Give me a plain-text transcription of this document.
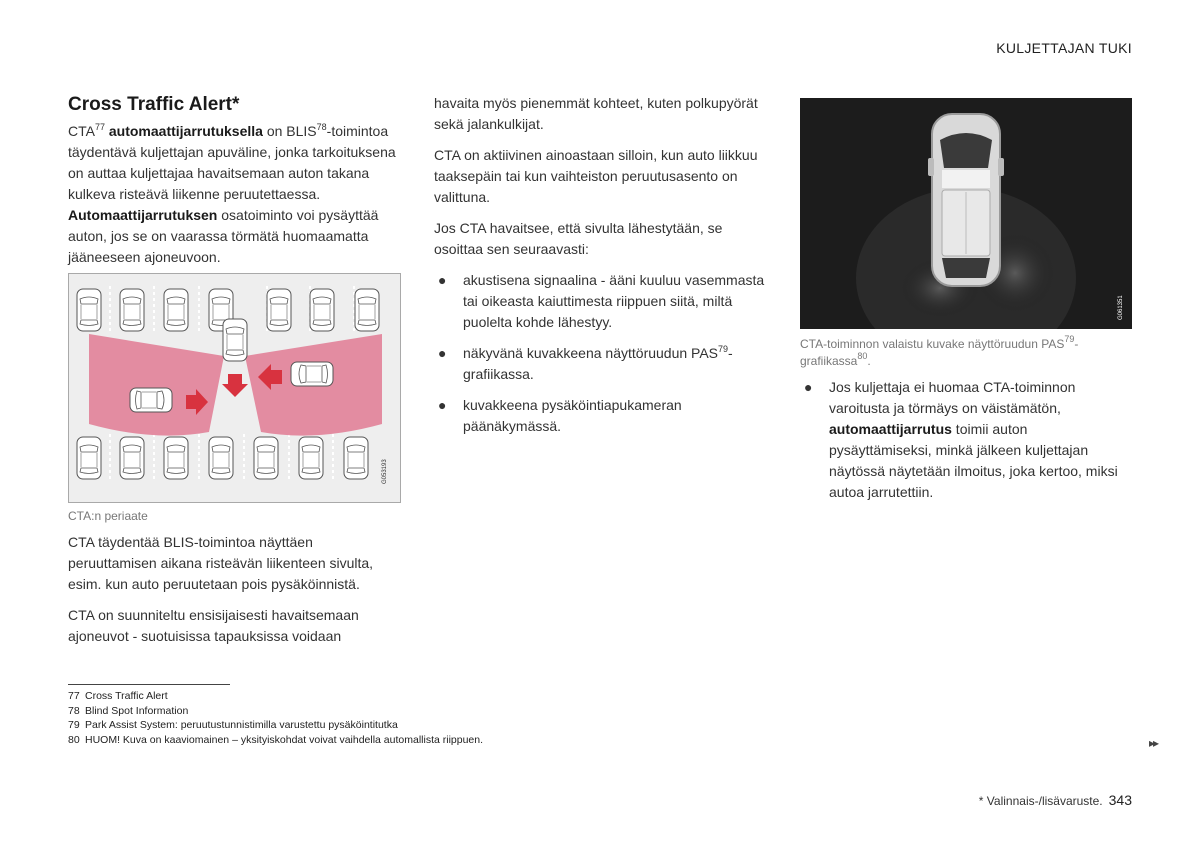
KULJETTAJAN TUKI
Cross Traffic Alert*

CTA$^{77}$ automaattijarrutuksella on BLIS$^{78}$-toimintoa täydentävä kuljettajan apuväline, jonka tarkoituksena on auttaa kuljettajaa havaitsemaan auton takana kulkeva risteävä liikenne peruutettaessa. Automaattijarrutuksen osatoiminto voi pysäyttää auton, jos se on vaarassa törmätä huomaamatta jääneeseen ajoneuvoon.

G053193
CTA:n periaate

CTA täydentää BLIS-toimintoa näyttäen peruuttamisen aikana risteävän liikenteen sivulta, esim. kun auto peruutetaan pois pysäköinnistä.

CTA on suunniteltu ensisijaisesti havaitsemaan ajoneuvot - suotuisissa tapauksissa voidaan

havaita myös pienemmät kohteet, kuten polkupyörät sekä jalankulkijat.

CTA on aktiivinen ainoastaan silloin, kun auto liikkuu taaksepäin tai kun vaihteiston peruutusasento on valittuna.

Jos CTA havaitsee, että sivulta lähestytään, se osoittaa sen seuraavasti:

● akustisena signaalina - ääni kuuluu vasemmasta tai oikeasta kaiuttimesta riippuen siitä, miltä puolelta kohde lähestyy.
● näkyvänä kuvakkeena näyttöruudun PAS$^{79}$-grafiikassa.
● kuvakkeena pysäköintiapukameran päänäkymässä.
G061351
CTA-toiminnon valaistu kuvake näyttöruudun PAS$^{79}$-grafiikassa$^{80}$.
● Jos kuljettaja ei huomaa CTA-toiminnon varoitusta ja törmäys on väistämätön, automaattijarrutus toimii auton pysäyttämiseksi, minkä jälkeen kuljettajan näytössä näytetään ilmoitus, joka kertoo, miksi autoa jarrutettiin.
77 Cross Traffic Alert
78 Blind Spot Information
79 Park Assist System: peruutustunnistimilla varustettu pysäköintitutka
80 HUOM! Kuva on kaaviomainen – yksityiskohdat voivat vaihdella automallista riippuen.	▸▸
* Valinnais-/lisävaruste. 343
